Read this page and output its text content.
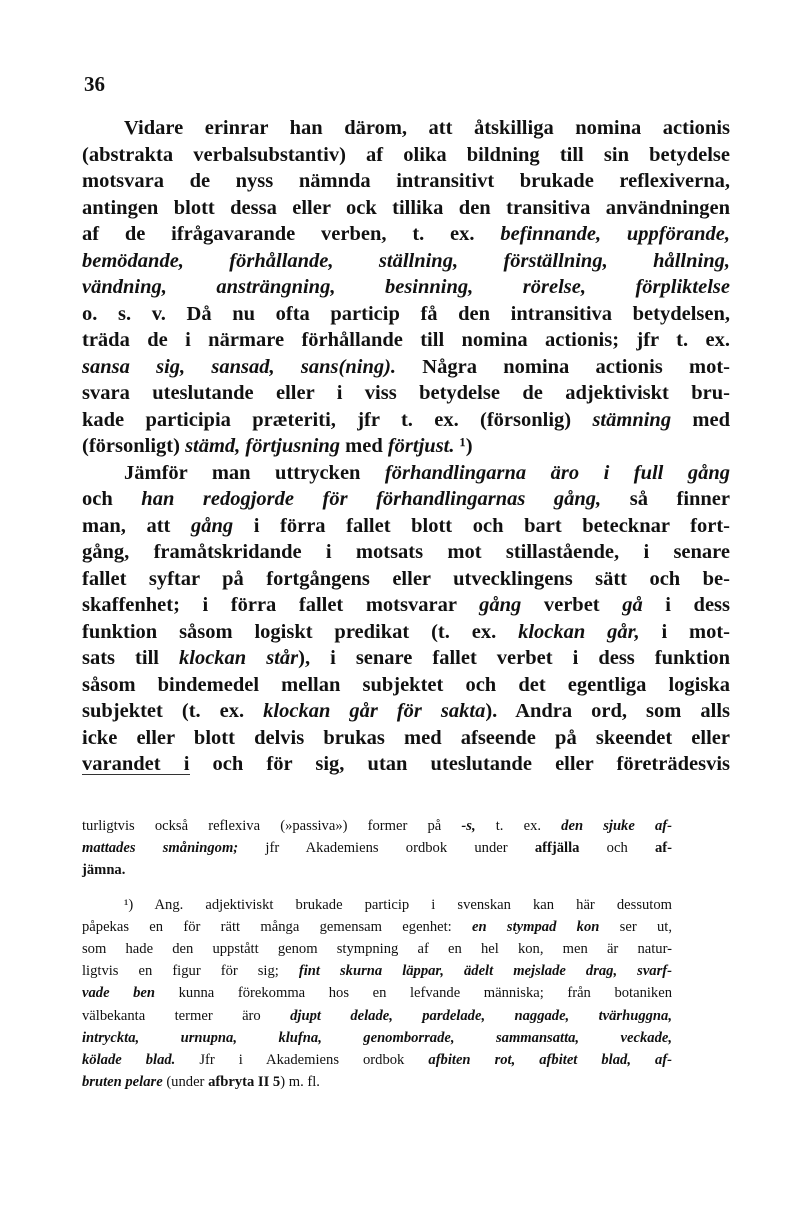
36
Vidare erinrar han därom, att åtskilliga nomina actionis
(abstrakta verbalsubstantiv) af olika bildning till sin betydelse
motsvara de nyss nämnda intransitivt brukade reflexiverna,
antingen blott dessa eller ock tillika den transitiva användningen
af de ifrågavarande verben, t. ex. befinnande, uppförande,
bemödande, förhållande, ställning, förställning, hållning,
vändning, ansträngning, besinning, rörelse, förpliktelse
o. s. v. Då nu ofta particip få den intransitiva betydelsen,
träda de i närmare förhållande till nomina actionis; jfr t. ex.
sansa sig, sansad, sans(ning). Några nomina actionis mot-
svara uteslutande eller i viss betydelse de adjektiviskt bru-
kade participia præteriti, jfr t. ex. (försonlig) stämning med
(försonligt) stämd, förtjusning med förtjust. ¹)
Jämför man uttrycken förhandlingarna äro i full gång
och han redogjorde för förhandlingarnas gång, så finner
man, att gång i förra fallet blott och bart betecknar fort-
gång, framåtskridande i motsats mot stillastående, i senare
fallet syftar på fortgångens eller utvecklingens sätt och be-
skaffenhet; i förra fallet motsvarar gång verbet gå i dess
funktion såsom logiskt predikat (t. ex. klockan går, i mot-
sats till klockan står), i senare fallet verbet i dess funktion
såsom bindemedel mellan subjektet och det egentliga logiska
subjektet (t. ex. klockan går för sakta). Andra ord, som alls
icke eller blott delvis brukas med afseende på skeendet eller
varandet i och för sig, utan uteslutande eller företrädesvis
turligtvis också reflexiva (»passiva») former på -s, t. ex. den sjuke af-
mattades småningom; jfr Akademiens ordbok under affjälla och af-
jämna.
¹) Ang. adjektiviskt brukade particip i svenskan kan här dessutom
påpekas en för rätt många gemensam egenhet: en stympad kon ser ut,
som hade den uppstått genom stympning af en hel kon, men är natur-
ligtvis en figur för sig; fint skurna läppar, ädelt mejslade drag, svarf-
vade ben kunna förekomma hos en lefvande människa; från botaniken
välbekanta termer äro djupt delade, pardelade, naggade, tvärhuggna,
intryckta, urnupna, klufna, genomborrade, sammansatta, veckade,
kölade blad. Jfr i Akademiens ordbok afbiten rot, afbitet blad, af-
bruten pelare (under afbryta II 5) m. fl.
